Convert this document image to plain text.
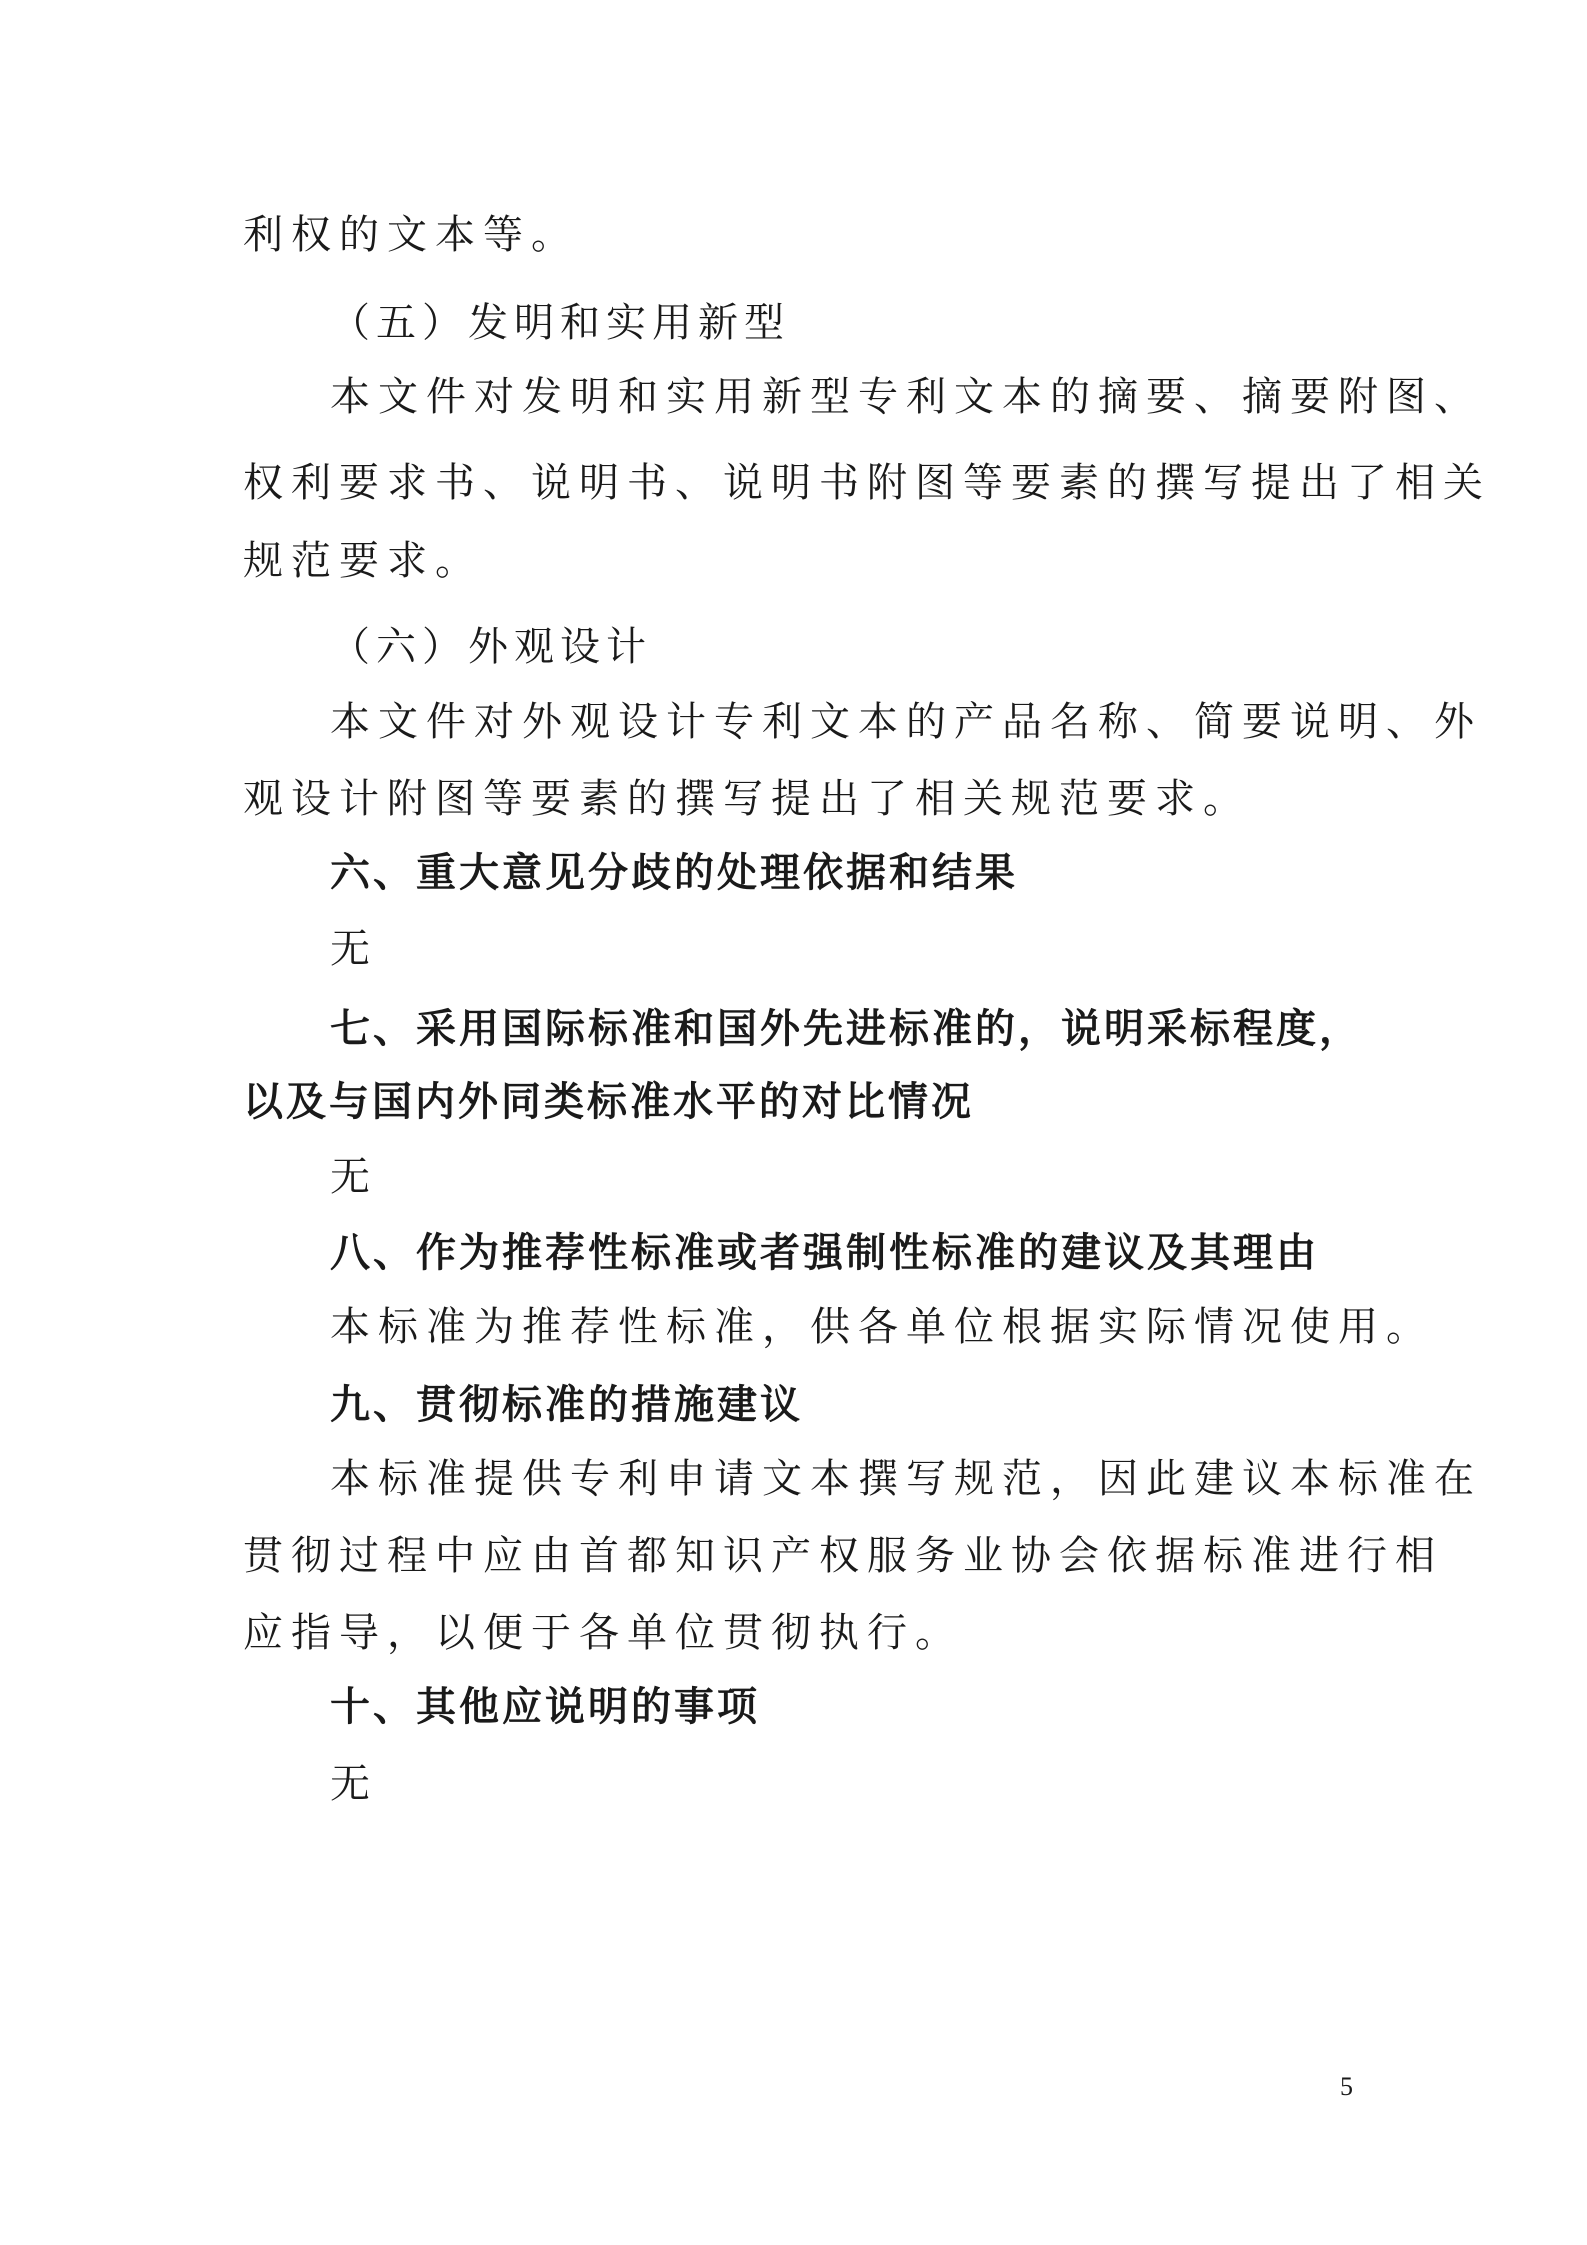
利权的文本等。
（五）发明和实用新型
本文件对发明和实用新型专利文本的摘要、摘要附图、
权利要求书、说明书、说明书附图等要素的撰写提出了相关
规范要求。
（六）外观设计
本文件对外观设计专利文本的产品名称、简要说明、外
观设计附图等要素的撰写提出了相关规范要求。
六、重大意见分歧的处理依据和结果
无
七、采用国际标准和国外先进标准的，说明采标程度，
以及与国内外同类标准水平的对比情况
无
八、作为推荐性标准或者强制性标准的建议及其理由
本标准为推荐性标准，供各单位根据实际情况使用。
九、贯彻标准的措施建议
本标准提供专利申请文本撰写规范，因此建议本标准在
贯彻过程中应由首都知识产权服务业协会依据标准进行相
应指导，以便于各单位贯彻执行。
十、其他应说明的事项
无
5
